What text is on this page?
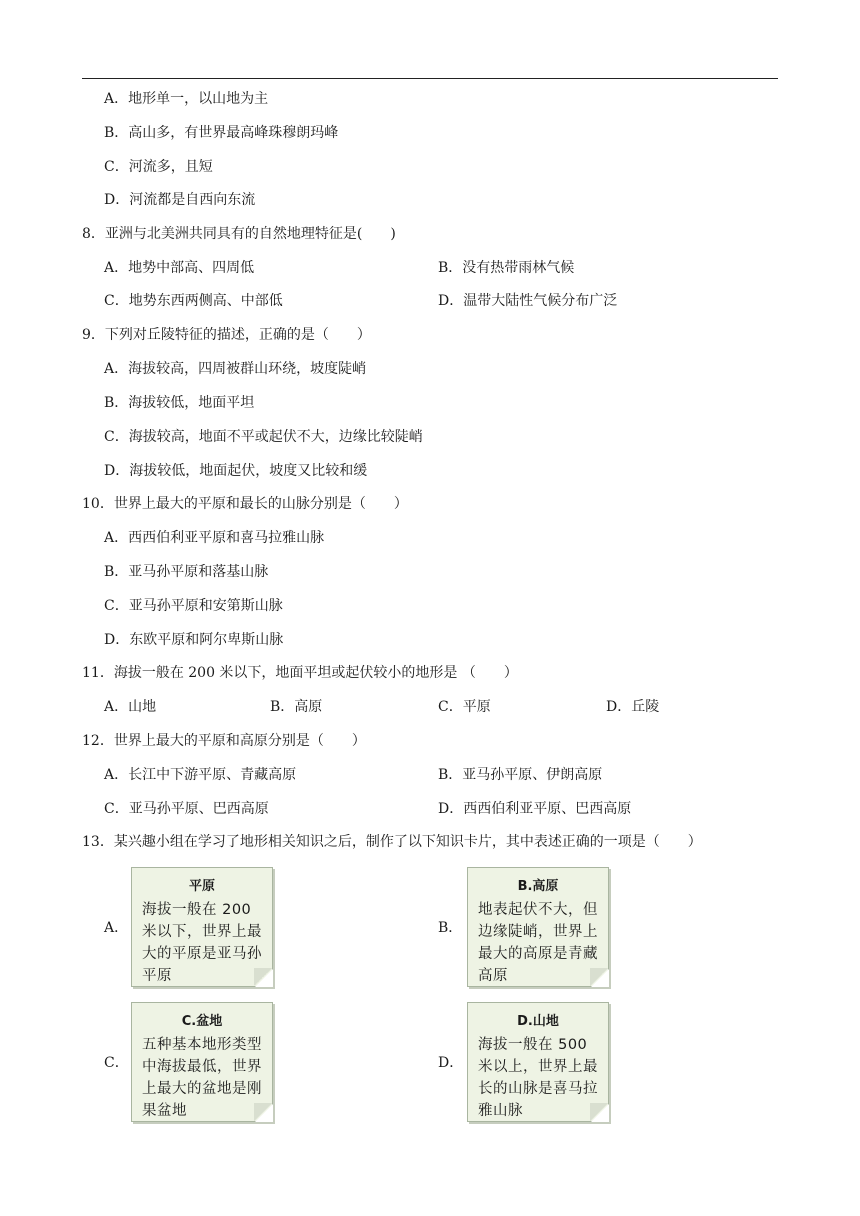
A．地形单一，以山地为主
B．高山多，有世界最高峰珠穆朗玛峰
C．河流多，且短
D．河流都是自西向东流
8．亚洲与北美洲共同具有的自然地理特征是(　　)
A．地势中部高、四周低	B．没有热带雨林气候
C．地势东西两侧高、中部低	D．温带大陆性气候分布广泛
9．下列对丘陵特征的描述，正确的是（　　）
A．海拔较高，四周被群山环绕，坡度陡峭
B．海拔较低，地面平坦
C．海拔较高，地面不平或起伏不大，边缘比较陡峭
D．海拔较低，地面起伏，坡度又比较和缓
10．世界上最大的平原和最长的山脉分别是（　　）
A．西西伯利亚平原和喜马拉雅山脉
B．亚马孙平原和落基山脉
C．亚马孙平原和安第斯山脉
D．东欧平原和阿尔卑斯山脉
11．海拔一般在 200 米以下，地面平坦或起伏较小的地形是 （　　）
A．山地	B．高原	C．平原	D．丘陵
12．世界上最大的平原和高原分别是（　　）
A．长江中下游平原、青藏高原	B．亚马孙平原、伊朗高原
C．亚马孙平原、巴西高原	D．西西伯利亚平原、巴西高原
13．某兴趣小组在学习了地形相关知识之后，制作了以下知识卡片，其中表述正确的一项是（　　）
A．
平原
海拔一般在 200 米以下，世界上最大的平原是亚马孙平原
B．
B.高原
地表起伏不大，但边缘陡峭，世界上最大的高原是青藏高原
C．
C.盆地
五种基本地形类型中海拔最低，世界上最大的盆地是刚果盆地
D．
D.山地
海拔一般在 500 米以上，世界上最长的山脉是喜马拉雅山脉
